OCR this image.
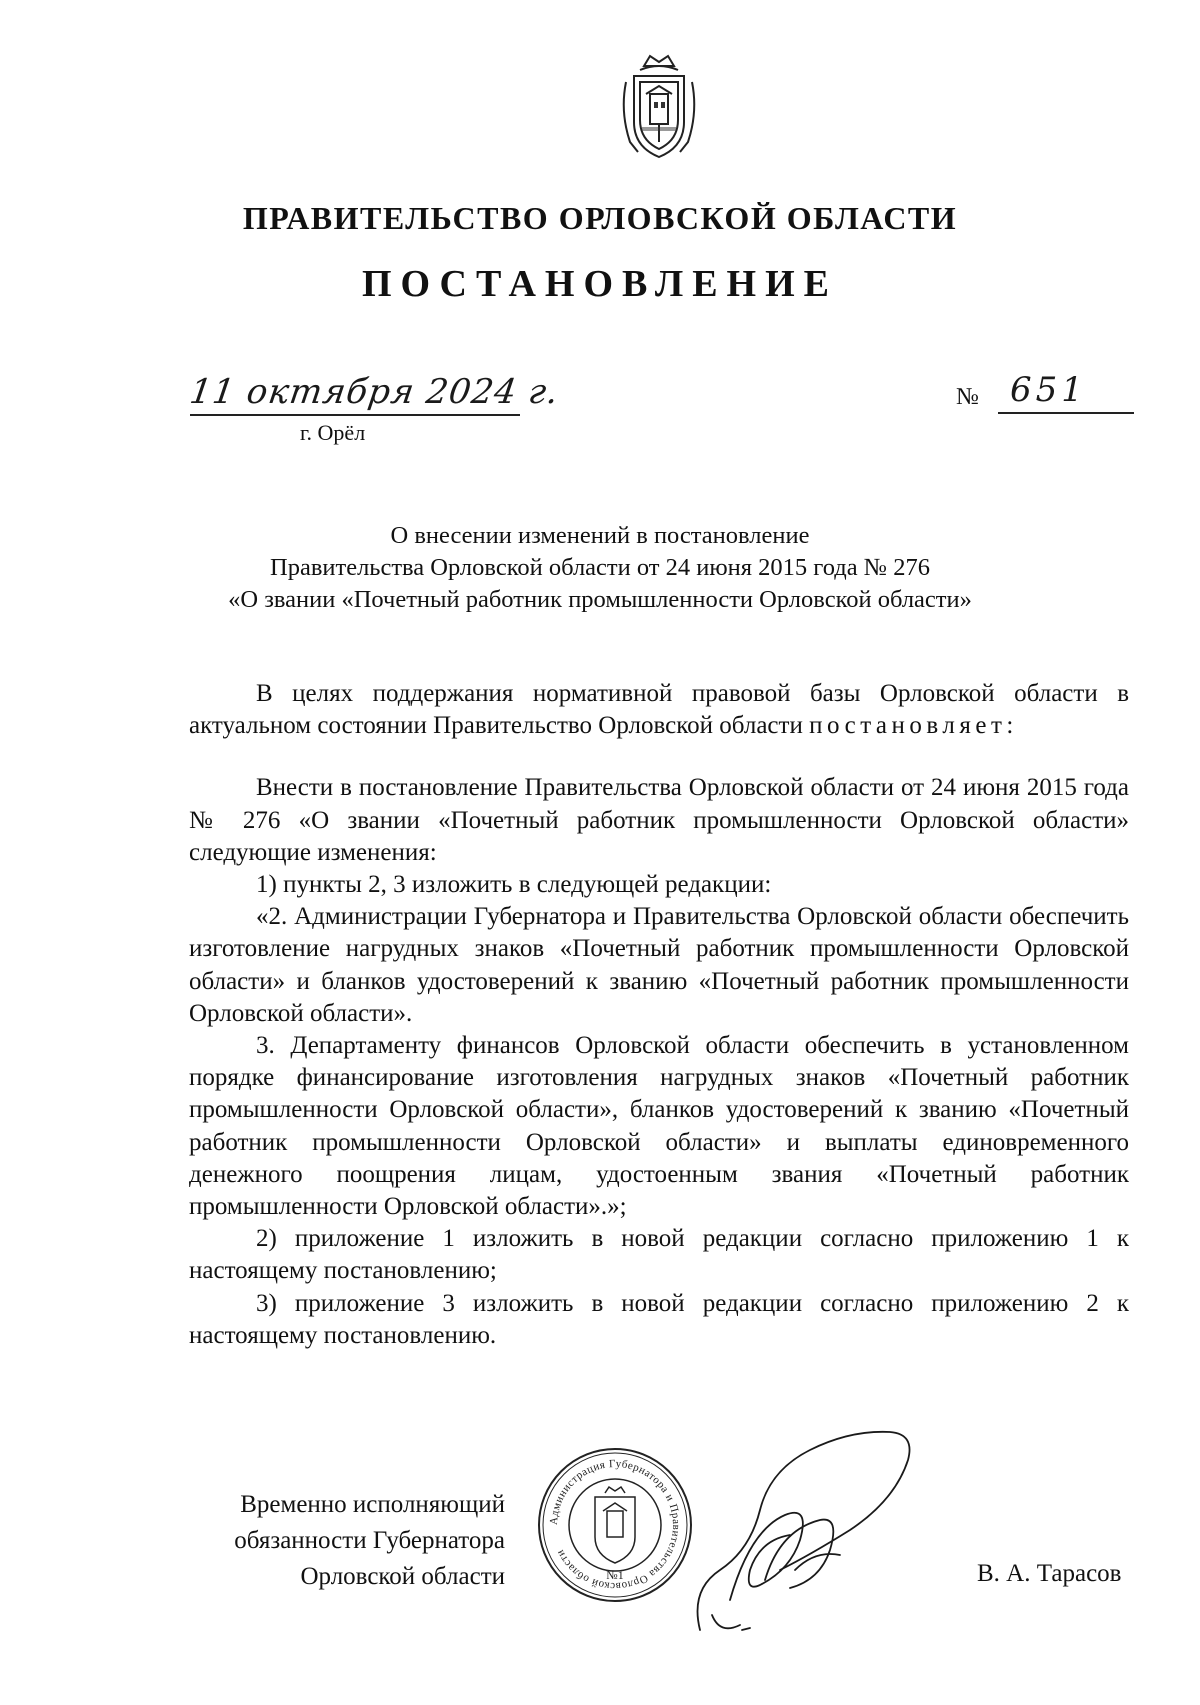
ПРАВИТЕЛЬСТВО ОРЛОВСКОЙ ОБЛАСТИ
ПОСТАНОВЛЕНИЕ
11 октября 2024 г.
г. Орёл
№ 651
О внесении изменений в постановление
Правительства Орловской области от 24 июня 2015 года № 276
«О звании «Почетный работник промышленности Орловской области»

В целях поддержания нормативной правовой базы Орловской области в актуальном состоянии Правительство Орловской области постановляет:

Внести в постановление Правительства Орловской области от 24 июня 2015 года № 276 «О звании «Почетный работник промышленности Орловской области» следующие изменения:

1) пункты 2, 3 изложить в следующей редакции:

«2. Администрации Губернатора и Правительства Орловской области обеспечить изготовление нагрудных знаков «Почетный работник промышленности Орловской области» и бланков удостоверений к званию «Почетный работник промышленности Орловской области».

3. Департаменту финансов Орловской области обеспечить в установленном порядке финансирование изготовления нагрудных знаков «Почетный работник промышленности Орловской области», бланков удостоверений к званию «Почетный работник промышленности Орловской области» и выплаты единовременного денежного поощрения лицам, удостоенным звания «Почетный работник промышленности Орловской области».»;

2) приложение 1 изложить в новой редакции согласно приложению 1 к настоящему постановлению;

3) приложение 3 изложить в новой редакции согласно приложению 2 к настоящему постановлению.

Временно исполняющий
обязанности Губернатора
Орловской области
Администрация Губернатора и Правительства Орловской области
№1	В. А. Тарасов
